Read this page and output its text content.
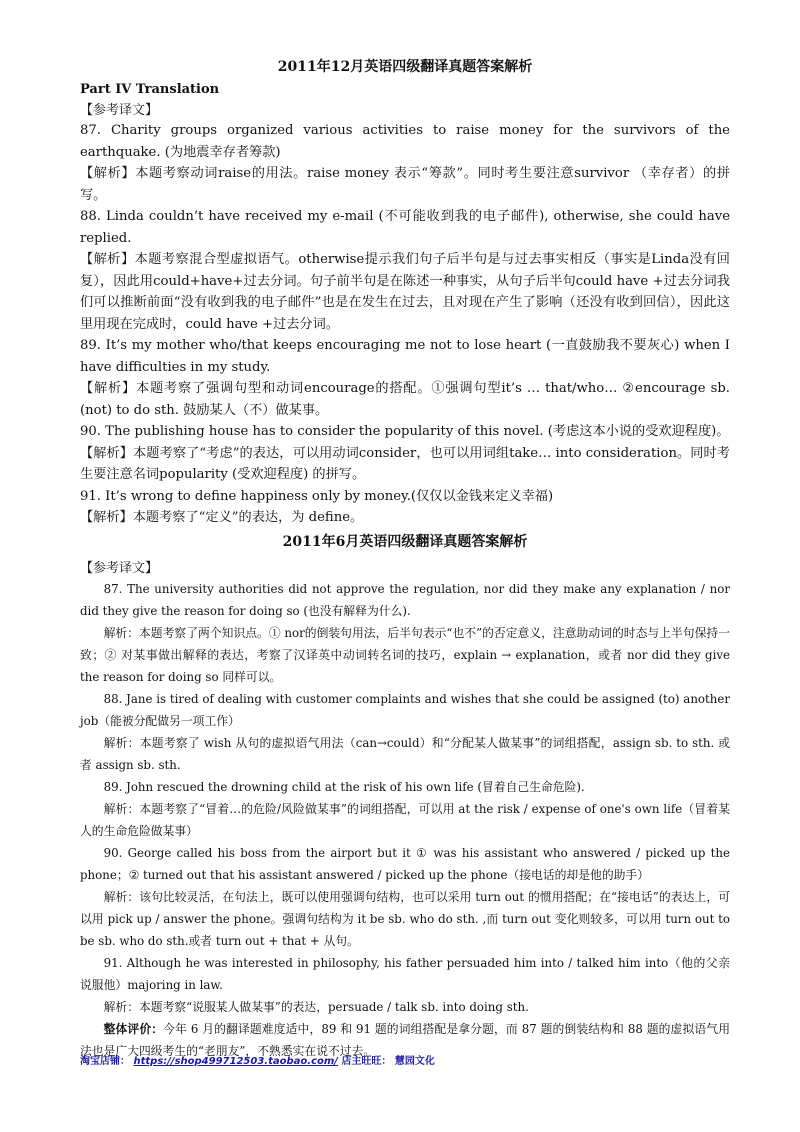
2011年12月英语四级翻译真题答案解析
Part IV Translation
【参考译文】

87. Charity groups organized various activities to raise money for the survivors of the earthquake. (为地震幸存者筹款)

【解析】本题考察动词raise的用法。raise money 表示“筹款”。同时考生要注意survivor （幸存者）的拼写。

88. Linda couldn’t have received my e-mail (不可能收到我的电子邮件), otherwise, she could have replied.

【解析】本题考察混合型虚拟语气。otherwise提示我们句子后半句是与过去事实相反（事实是Linda没有回复），因此用could+have+过去分词。句子前半句是在陈述一种事实，从句子后半句could have +过去分词我们可以推断前面“没有收到我的电子邮件”也是在发生在过去，且对现在产生了影响（还没有收到回信），因此这里用现在完成时，could have +过去分词。

89. It’s my mother who/that keeps encouraging me not to lose heart (一直鼓励我不要灰心) when I have difficulties in my study.

【解析】本题考察了强调句型和动词encourage的搭配。①强调句型it’s … that/who… ②encourage sb. (not) to do sth. 鼓励某人（不）做某事。

90. The publishing house has to consider the popularity of this novel. (考虑这本小说的受欢迎程度)。

【解析】本题考察了“考虑”的表达，可以用动词consider，也可以用词组take… into consideration。同时考生要注意名词popularity (受欢迎程度) 的拼写。

91. It’s wrong to define happiness only by money.(仅仅以金钱来定义幸福)

【解析】本题考察了“定义”的表达，为 define。

2011年6月英语四级翻译真题答案解析
【参考译文】

87. The university authorities did not approve the regulation, nor did they make any explanation / nor did they give the reason for doing so (也没有解释为什么).

解析：本题考察了两个知识点。① nor的倒装句用法，后半句表示“也不”的否定意义，注意助动词的时态与上半句保持一致；② 对某事做出解释的表达，考察了汉译英中动词转名词的技巧，explain → explanation，或者 nor did they give the reason for doing so 同样可以。

88. Jane is tired of dealing with customer complaints and wishes that she could be assigned (to) another job（能被分配做另一项工作）

解析：本题考察了 wish 从句的虚拟语气用法（can→could）和“分配某人做某事”的词组搭配，assign sb. to sth. 或者 assign sb. sth.

89. John rescued the drowning child at the risk of his own life (冒着自己生命危险).

解析：本题考察了“冒着…的危险/风险做某事”的词组搭配，可以用 at the risk / expense of one's own life（冒着某人的生命危险做某事）

90. George called his boss from the airport but it ① was his assistant who answered / picked up the phone；② turned out that his assistant answered / picked up the phone（接电话的却是他的助手）

解析：该句比较灵活，在句法上，既可以使用强调句结构，也可以采用 turn out 的惯用搭配；在“接电话”的表达上，可以用 pick up / answer the phone。强调句结构为 it be sb. who do sth. ,而 turn out 变化则较多，可以用 turn out to be sb. who do sth.或者 turn out + that + 从句。

91. Although he was interested in philosophy, his father persuaded him into / talked him into（他的父亲说服他）majoring in law.

解析：本题考察“说服某人做某事”的表达，persuade / talk sb. into doing sth.

整体评价：今年 6 月的翻译题难度适中，89 和 91 题的词组搭配是拿分题，而 87 题的倒装结构和 88 题的虚拟语气用法也是广大四级考生的“老朋友”，不熟悉实在说不过去。

淘宝店铺： https://shop499712503.taobao.com/ 店主旺旺： 慧园文化
